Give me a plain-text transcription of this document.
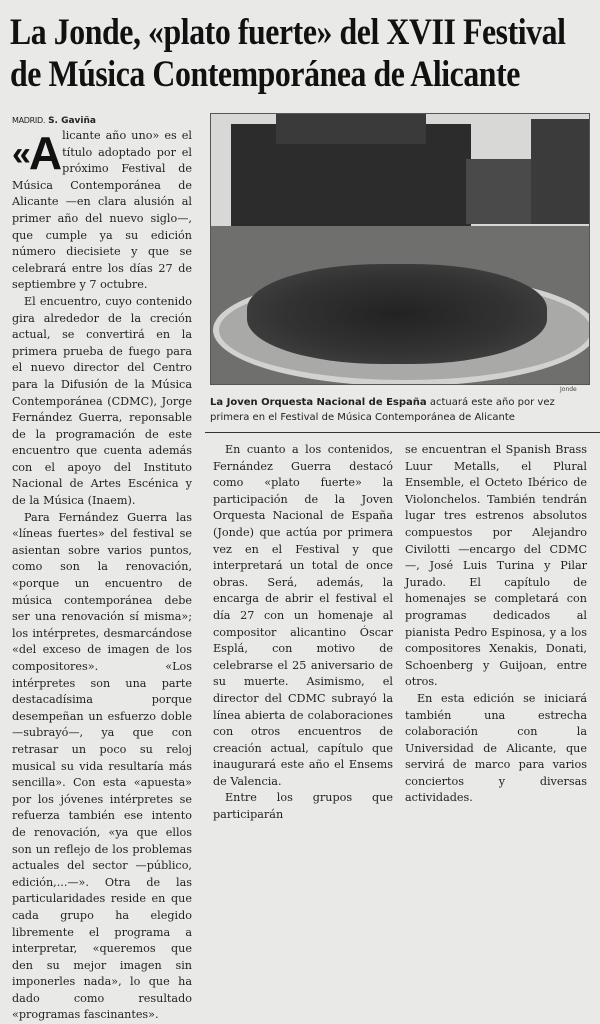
La Jonde, «plato fuerte» del XVII Festival
de Música Contemporánea de Alicante
MADRID. S. Gaviña

«A licante año uno» es el título adoptado por el próximo Festival de Música Contemporánea de Alicante —en clara alusión al primer año del nuevo siglo—, que cumple ya su edición número diecisiete y que se celebrará entre los días 27 de septiembre y 7 octubre.

El encuentro, cuyo contenido gira alrededor de la creción actual, se convertirá en la primera prueba de fuego para el nuevo director del Centro para la Difusión de la Música Contemporánea (CDMC), Jorge Fernández Guerra, reponsable de la programación de este encuentro que cuenta además con el apoyo del Instituto Nacional de Artes Escénica y de la Música (Inaem).

Para Fernández Guerra las «líneas fuertes» del festival se asientan sobre varios puntos, como son la renovación, «porque un encuentro de música contemporánea debe ser una renovación sí misma»; los intérpretes, desmarcándose «del exceso de imagen de los compositores». «Los intérpretes son una parte destacadísima porque desempeñan un esfuerzo doble —subrayó—, ya que con retrasar un poco su reloj musical su vida resultaría más sencilla». Con esta «apuesta» por los jóvenes intérpretes se refuerza también ese intento de renovación, «ya que ellos son un reflejo de los problemas actuales del sector —público, edición,...—». Otra de las particularidades reside en que cada grupo ha elegido libremente el programa a interpretar, «queremos que den su mejor imagen sin imponerles nada», lo que ha dado como resultado «programas fascinantes».

Jonde
La Joven Orquesta Nacional de España actuará este año por vez primera en el Festival de Música Contemporánea de Alicante

En cuanto a los contenidos, Fernández Guerra destacó como «plato fuerte» la participación de la Joven Orquesta Nacional de España (Jonde) que actúa por primera vez en el Festival y que interpretará un total de once obras. Será, además, la encarga de abrir el festival el día 27 con un homenaje al compositor alicantino Óscar Esplá, con motivo de celebrarse el 25 aniversario de su muerte. Asimismo, el director del CDMC subrayó la línea abierta de colaboraciones con otros encuentros de creación actual, capítulo que inaugurará este año el Ensems de Valencia.

Entre los grupos que participarán

se encuentran el Spanish Brass Luur Metalls, el Plural Ensemble, el Octeto Ibérico de Violonchelos. También tendrán lugar tres estrenos absolutos compuestos por Alejandro Civilotti —encargo del CDMC—, José Luis Turina y Pilar Jurado. El capítulo de homenajes se completará con programas dedicados al pianista Pedro Espinosa, y a los compositores Xenakis, Donati, Schoenberg y Guijoan, entre otros.

En esta edición se iniciará también una estrecha colaboración con la Universidad de Alicante, que servirá de marco para varios conciertos y diversas actividades.
